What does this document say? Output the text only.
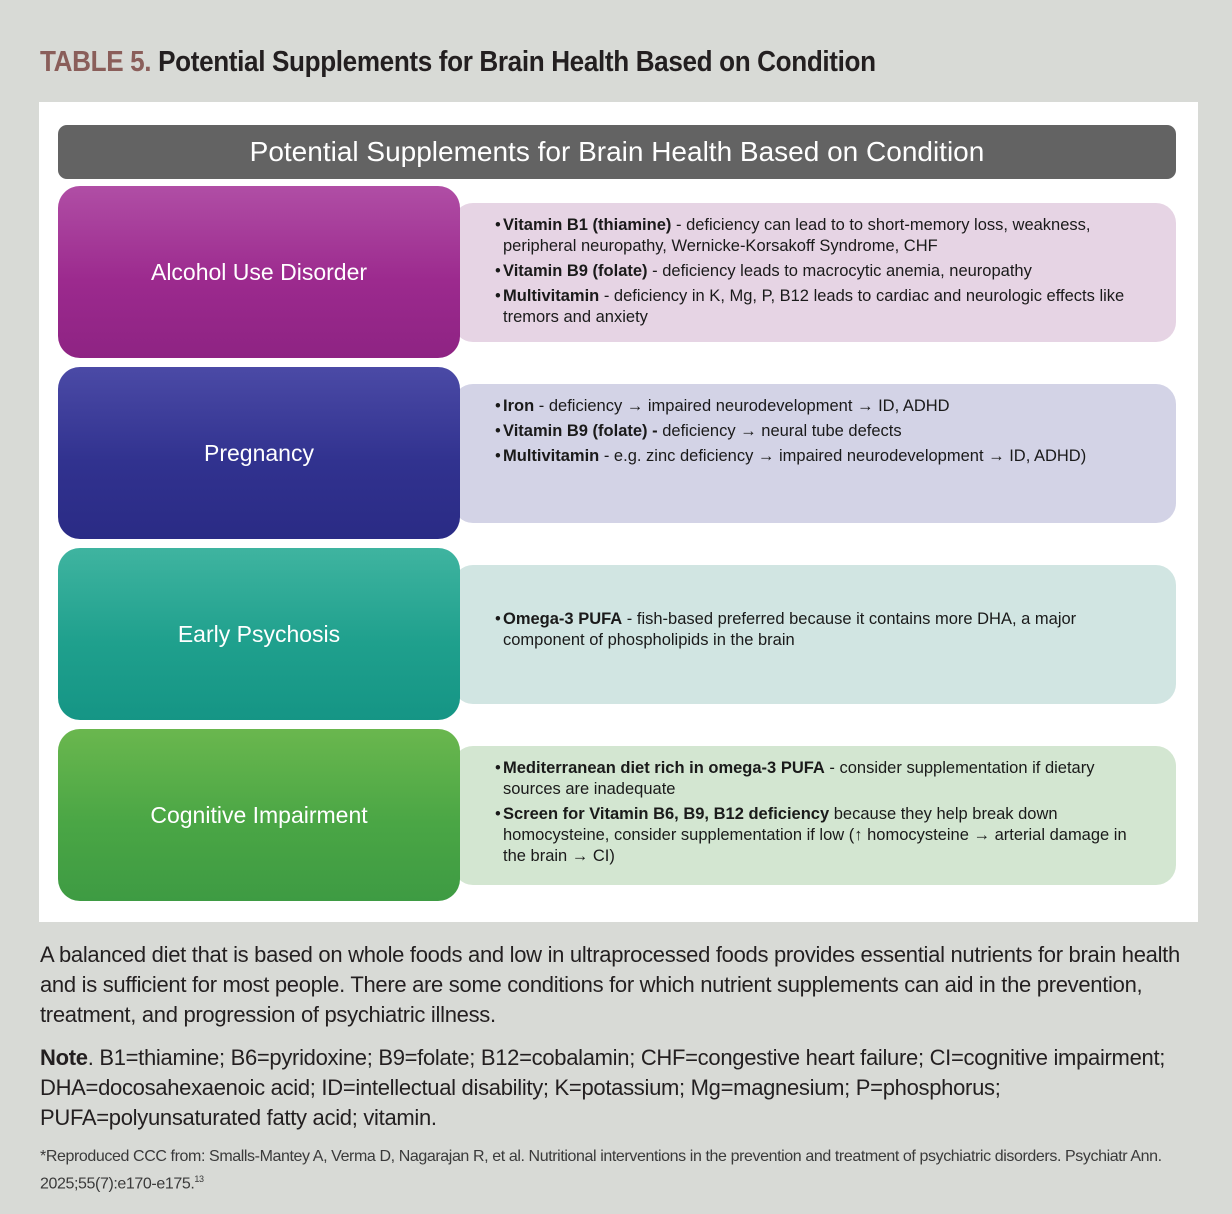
TABLE 5. Potential Supplements for Brain Health Based on Condition
Potential Supplements for Brain Health Based on Condition
Alcohol Use Disorder
• Vitamin B1 (thiamine) - deficiency can lead to to short-memory loss, weakness, peripheral neuropathy, Wernicke-Korsakoff Syndrome, CHF
• Vitamin B9 (folate) - deficiency leads to macrocytic anemia, neuropathy
• Multivitamin - deficiency in K, Mg, P, B12 leads to cardiac and neurologic effects like tremors and anxiety
Pregnancy
• Iron - deficiency → impaired neurodevelopment → ID, ADHD
• Vitamin B9 (folate) - deficiency → neural tube defects
• Multivitamin - e.g. zinc deficiency → impaired neurodevelopment → ID, ADHD)
Early Psychosis
• Omega-3 PUFA - fish-based preferred because it contains more DHA, a major component of phospholipids in the brain
Cognitive Impairment
• Mediterranean diet rich in omega-3 PUFA - consider supplementation if dietary sources are inadequate
• Screen for Vitamin B6, B9, B12 deficiency because they help break down homocysteine, consider supplementation if low (↑ homocysteine → arterial damage in the brain → CI)

A balanced diet that is based on whole foods and low in ultraprocessed foods provides essential nutrients for brain health and is sufficient for most people. There are some conditions for which nutrient supplements can aid in the prevention, treatment, and progression of psychiatric illness.

Note. B1=thiamine; B6=pyridoxine; B9=folate; B12=cobalamin; CHF=congestive heart failure; CI=cognitive impairment; DHA=docosahexaenoic acid; ID=intellectual disability; K=potassium; Mg=magnesium; P=phosphorus; PUFA=polyunsaturated fatty acid; vitamin.

*Reproduced CCC from: Smalls-Mantey A, Verma D, Nagarajan R, et al. Nutritional interventions in the prevention and treatment of psychiatric disorders. Psychiatr Ann. 2025;55(7):e170-e175.13
